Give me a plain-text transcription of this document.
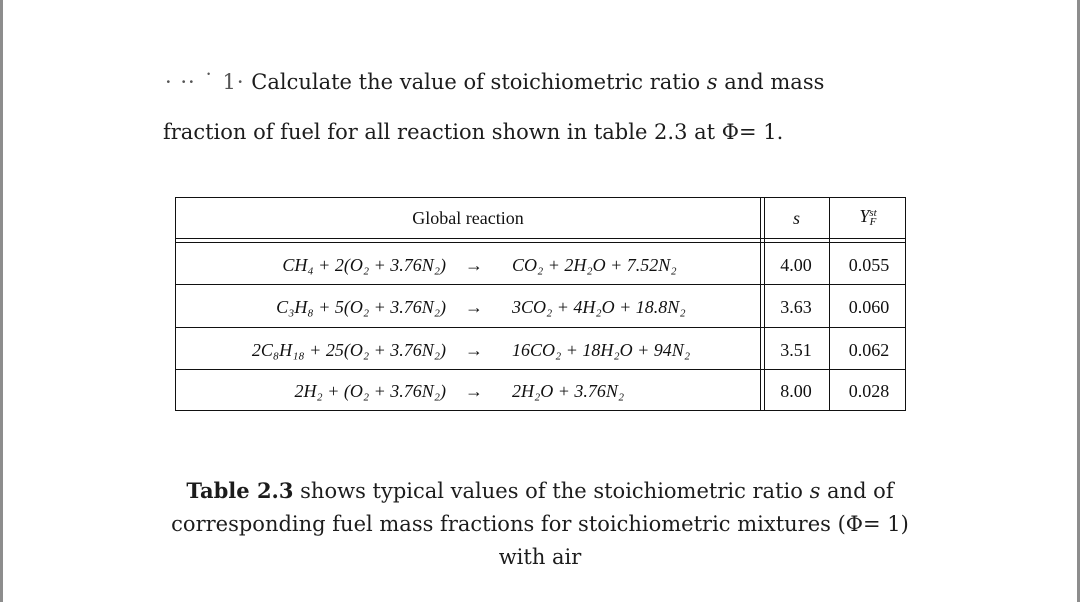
· ·· ˙ 1· Calculate the value of stoichiometric ratio s and mass
fraction of fuel for all reaction shown in table 2.3 at Φ= 1.
Global reaction	s	Y st
F
CH₄ + 2(O₂ + 3.76N₂)	→	CO₂ + 2H₂O + 7.52N₂	4.00	0.055
C₃H₈ + 5(O₂ + 3.76N₂)	→	3CO₂ + 4H₂O + 18.8N₂	3.63	0.060
2C₈H₁₈ + 25(O₂ + 3.76N₂)	→	16CO₂ + 18H₂O + 94N₂	3.51	0.062
2H₂ + (O₂ + 3.76N₂)	→	2H₂O + 3.76N₂	8.00	0.028
Table 2.3 shows typical values of the stoichiometric ratio s and of
corresponding fuel mass fractions for stoichiometric mixtures (Φ= 1)
with air
